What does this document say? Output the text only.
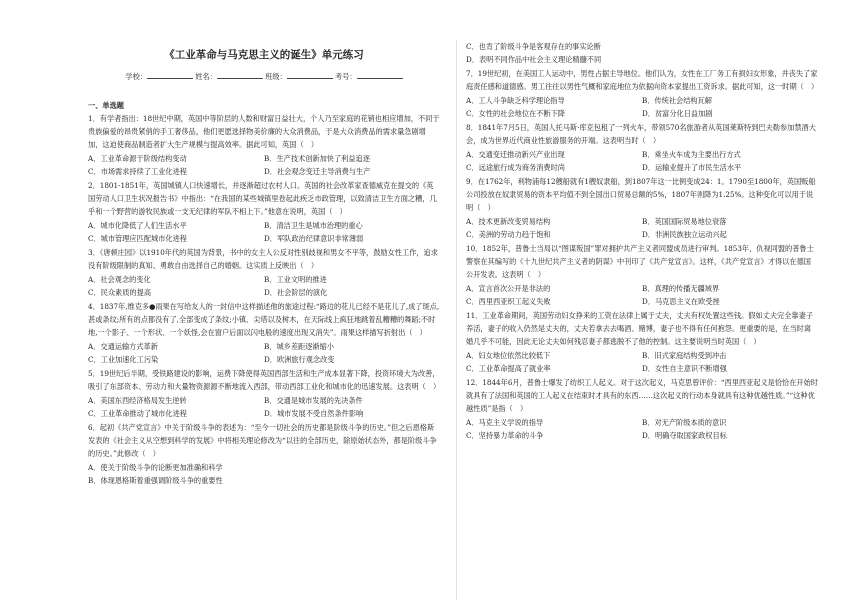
《工业革命与马克思主义的诞生》单元练习
学校：	姓名：	班级：	考号：
一、单选题

1．有学者指出：18世纪中期，英国中等阶层的人数和财富日益壮大，个人乃至家庭的花销也相应增加，不同于贵族偏爱的昂贵紧俏的手工奢侈品，他们更愿选择物美价廉的大众消费品，于是大众消费品的需求量急剧增加，这迫使商品制造者扩大生产规模与提高效率。据此可知，英国（　）

A．工业革命源于阶级结构变动	B．生产技术创新加快了利益追逐
C．市场需求持续了工业化进程	D．社会观念变迁主导消费与生产

2．1801-1851年，英国城镇人口快速增长，并逐渐超过农村人口。英国的社会改革家查德威克在提交的《英国劳动人口卫生状况报告书》中指出：“在我国的某些城镇里卷起此疾乏市政管理，以致清洁卫生方面之糟，几乎和一个野营的游牧民族或一支无纪律的军队不相上下。”他意在说明，英国（　）

A．城市化降低了人们生活水平	B．清洁卫生是城市治理的重心
C．城市管理应匹配城市化进程	D．军队政治纪律意识非常薄弱

3．《唐顿庄园》以1910年代的英国为背景，书中的女主人公反对性别歧视和男女不平等，鼓励女性工作，追求没有阶级限制的真知、勇敢自由选择自己的婚姻。这实质上反映出（　）

A．社会观念的变化	B．工业文明的推进
C．民众素质的提高	D．社会阶层的演化

4．1837年,维克多●雨果在写给友人的一封信中这样描述他的旅途过程:“路边的花儿已经不是花儿了,成了斑点,甚或条纹;所有的点都没有了,全部变成了条纹;小镇、尖塔以及树木，在天际线上疯狂地跳着乱糟糟的舞蹈;不时地,一个影子、一个形状、一个妖怪,会在窗户后面以闪电般的速度出现又消失”。雨果这样描写折射出（　）

A．交通运输方式革新	B．城乡差距逐渐缩小
C．工业加速化工污染	D．欧洲旅行观念改变

5．19世纪后半期，受铁路建设的影响，运费下降使得英国西部生活和生产成本显著下降，投资环境大为改善，吸引了东部资本、劳动力和大量物资源源不断地流入西部，带动西部工业化和城市化的迅速发展。这表明（　）

A．美国东西经济格局发生逆转	B．交通是城市发展的先决条件
C．工业革命推动了城市化进程	D．城市发展不受自然条件影响

6．起初《共产党宣言》中关于阶级斗争的表述为：“至今一切社会的历史都是阶级斗争的历史。”但之后恩格斯发表的《社会主义从空想到科学的发展》中将相关理论修改为“以往的全部历史，除原始状态外，都是阶级斗争的历史。”此修改（　）

A．使关于阶级斗争的论断更加准确和科学
B．体现恩格斯着重强调阶级斗争的重要性
C．也肯了阶级斗争是客观存在的事实论断
D．表明不同作品中社会主义理论精髓不同

7．19世纪初，在美国工人运动中，男性占据主导地位。他们认为，女性在工厂务工有损妇女形象，并丧失了家庭责任感和道德感。男工往往以男性气概和家庭地位为依据向资本家提出工资诉求。据此可知，这一时期（　）

A．工人斗争缺乏科学理论指导	B．传统社会结构瓦解
C．女性的社会地位在不断下降	D．贫富分化日益加剧

8．1841年7月5日，英国人托马斯·库克包租了一列火车，带领570名旅游者从英国莱斯特到巴夫勒参加禁酒大会，成为世界近代商业性旅游服务的开端。这表明当时（　）

A．交通变迁推动新兴产业出现	B．乘坐火车成为主要出行方式
C．远途旅行成为商务消费时尚	D．运输业提升了市民生活水平

9．在1762年，利物浦每12艘船就有1艘奴隶船，到1807年这一比例变成24：1。1790至1800年，英国贩船公司投放在奴隶贸易的资本平均值不到全国出口贸易总额的5%，1807年则降为1.25%。这种变化可以用于说明（　）

A．技术更新改变贸易结构	B．英国国际贸易地位衰落
C．美洲的劳动力趋于饱和	D．非洲民族独立运动兴起

10．1852年，普鲁士当局以“图谋叛国”罪对拥护共产主义者同盟成员进行审判。1853年，仇视同盟的普鲁士警察在其编写的《十九世纪共产主义者的阴谋》中刊印了《共产党宣言》。这样，《共产党宣言》才得以在德国公开发表。这表明（　）

A．宣言首次公开是非法的	B．真理的传播无疆域界
C．西里西亚织工起义失败	D．马克思主义在欧受挫

11．工业革命期间，英国劳动妇女挣来的工资在法律上属于丈夫，丈夫有权处置这些钱。假如丈夫完全靠妻子养活，妻子的收入仍然是丈夫的，丈夫若拿去去喝酒、赌博，妻子也不得有任何抱怨。更重要的是，在当时离婚几乎不可能，因此无论丈夫如何残忍妻子都逃脱不了他的控制。这主要说明当时英国（　）

A．妇女地位依然比较低下	B．旧式家庭结构受到冲击
C．工业革命提高了就业率	D．女性自主意识不断增强

12．1844年6月，普鲁士爆发了纺织工人起义。对于这次起义，马克思曾评价：“西里西亚起义是恰恰在开始时就具有了法国和英国的工人起义在结束时才具有的东西……这次起义的行动本身就具有这种优越性质。”“这种优越性质”是指（　）

A．马克主义学说的指导	B．对无产阶级本质的意识
C．坚持暴力革命的斗争	D．明确夺取国家政权目标
